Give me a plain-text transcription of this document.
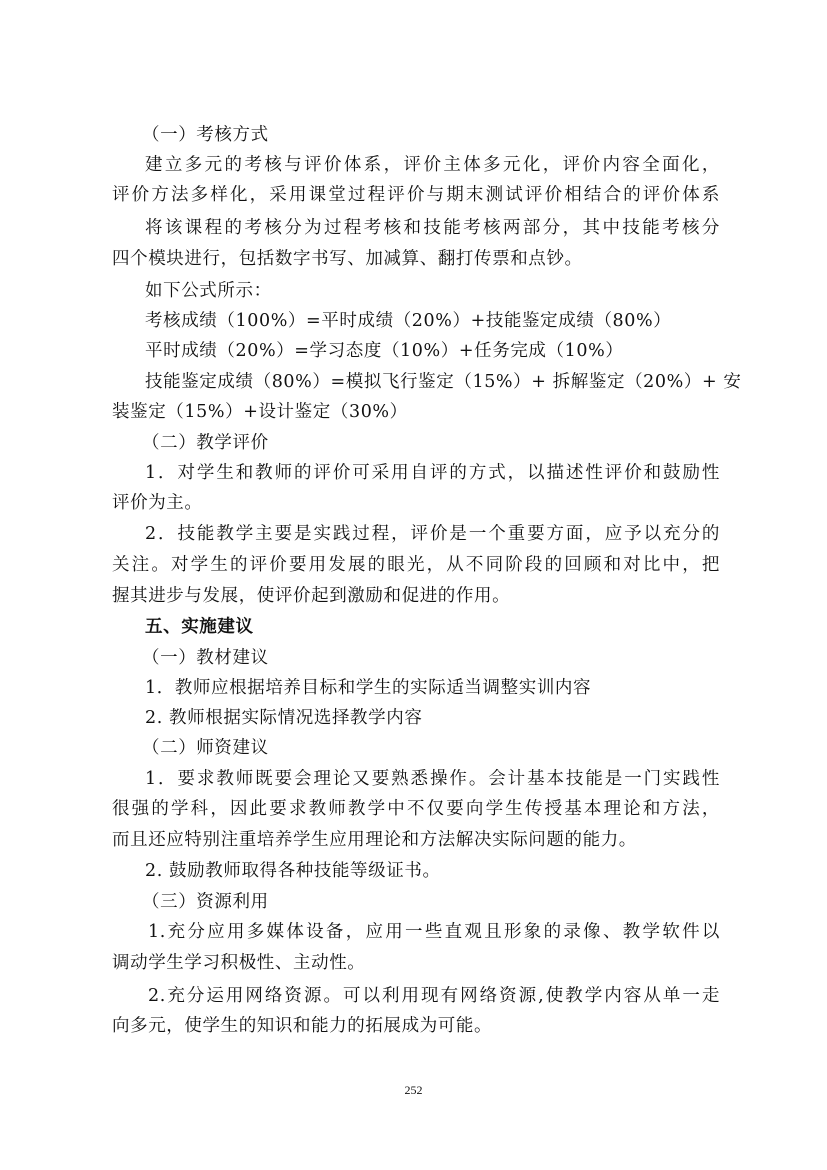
（一）考核方式
建立多元的考核与评价体系，评价主体多元化，评价内容全面化，
评价方法多样化，采用课堂过程评价与期末测试评价相结合的评价体系
将该课程的考核分为过程考核和技能考核两部分，其中技能考核分
四个模块进行，包括数字书写、加减算、翻打传票和点钞。
如下公式所示：
考核成绩（100%）=平时成绩（20%）+技能鉴定成绩（80%）
平时成绩（20%）=学习态度（10%）+任务完成（10%）
技能鉴定成绩（80%）=模拟飞行鉴定（15%）+ 拆解鉴定（20%）+ 安
装鉴定（15%）+设计鉴定（30%）
（二）教学评价
1．对学生和教师的评价可采用自评的方式，以描述性评价和鼓励性
评价为主。
2．技能教学主要是实践过程，评价是一个重要方面，应予以充分的
关注。对学生的评价要用发展的眼光，从不同阶段的回顾和对比中，把
握其进步与发展，使评价起到激励和促进的作用。
五、实施建议
（一）教材建议
1．教师应根据培养目标和学生的实际适当调整实训内容
2. 教师根据实际情况选择教学内容
（二）师资建议
1．要求教师既要会理论又要熟悉操作。会计基本技能是一门实践性
很强的学科，因此要求教师教学中不仅要向学生传授基本理论和方法，
而且还应特别注重培养学生应用理论和方法解决实际问题的能力。
2. 鼓励教师取得各种技能等级证书。
（三）资源利用
1.充分应用多媒体设备，应用一些直观且形象的录像、教学软件以
调动学生学习积极性、主动性。
2.充分运用网络资源。可以利用现有网络资源,使教学内容从单一走
向多元，使学生的知识和能力的拓展成为可能。
252
